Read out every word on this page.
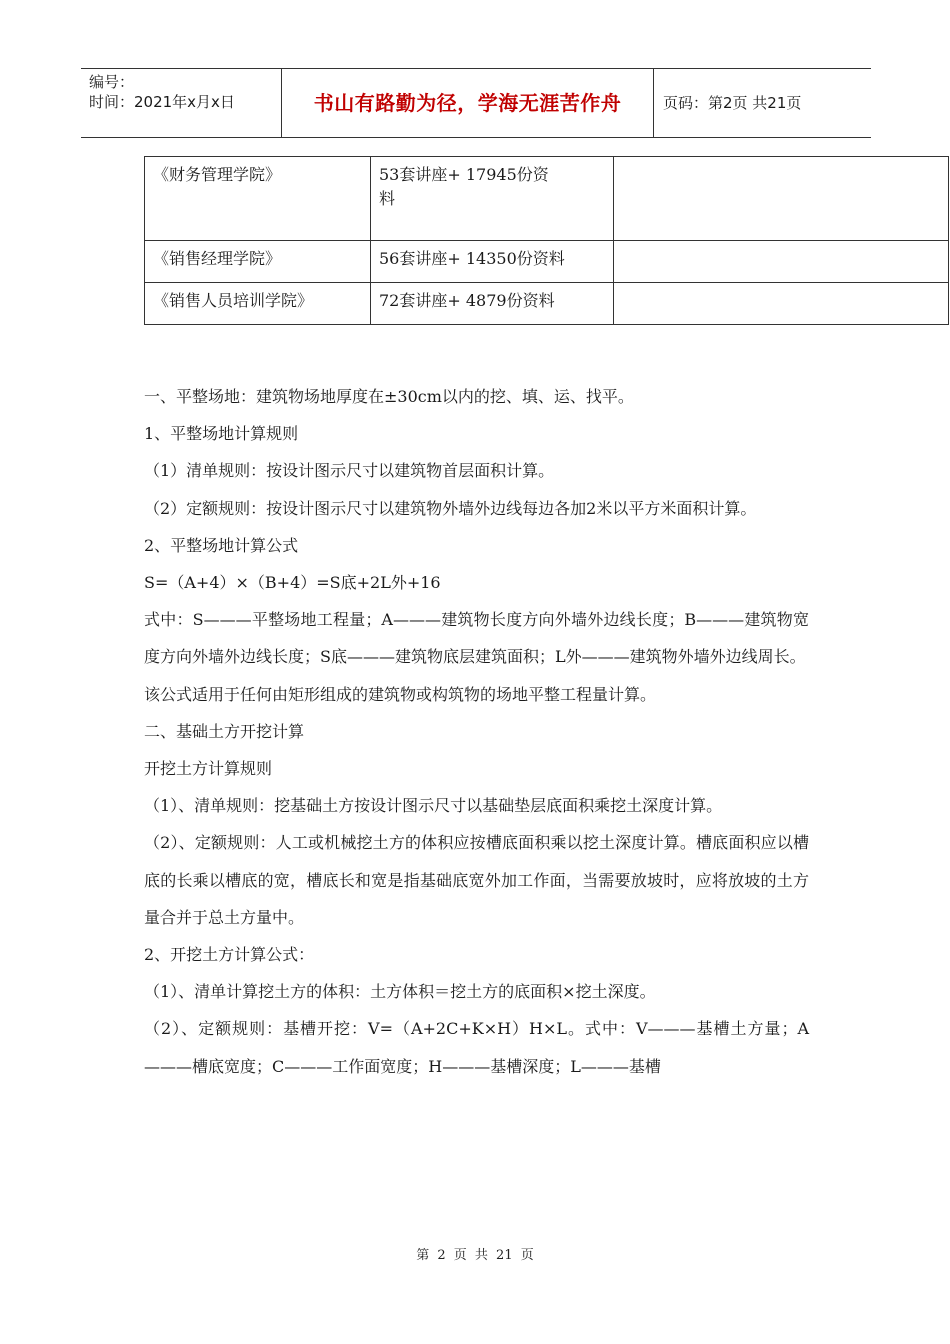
编号：
时间：2021年x月x日	书山有路勤为径，学海无涯苦作舟	页码：第2页 共21页
《财务管理学院》	53套讲座+ 17945份资
料	

《销售经理学院》	56套讲座+ 14350份资料	
《销售人员培训学院》	72套讲座+ 4879份资料	

一、平整场地：建筑物场地厚度在±30cm以内的挖、填、运、找平。

1、平整场地计算规则

（1）清单规则：按设计图示尺寸以建筑物首层面积计算。

（2）定额规则：按设计图示尺寸以建筑物外墙外边线每边各加2米以平方米面积计算。

2、平整场地计算公式

S=（A+4）×（B+4）=S底+2L外+16

式中：S———平整场地工程量；A———建筑物长度方向外墙外边线长度；B———建筑物宽度方向外墙外边线长度；S底———建筑物底层建筑面积；L外———建筑物外墙外边线周长。

该公式适用于任何由矩形组成的建筑物或构筑物的场地平整工程量计算。

二、基础土方开挖计算

开挖土方计算规则

（1）、清单规则：挖基础土方按设计图示尺寸以基础垫层底面积乘挖土深度计算。

（2）、定额规则：人工或机械挖土方的体积应按槽底面积乘以挖土深度计算。槽底面积应以槽底的长乘以槽底的宽，槽底长和宽是指基础底宽外加工作面，当需要放坡时，应将放坡的土方量合并于总土方量中。

2、开挖土方计算公式：

（1）、清单计算挖土方的体积：土方体积＝挖土方的底面积×挖土深度。

（2）、定额规则：基槽开挖：V=（A+2C+K×H）H×L。式中：V———基槽土方量；A———槽底宽度；C———工作面宽度；H———基槽深度；L———基槽

第 2 页 共 21 页
